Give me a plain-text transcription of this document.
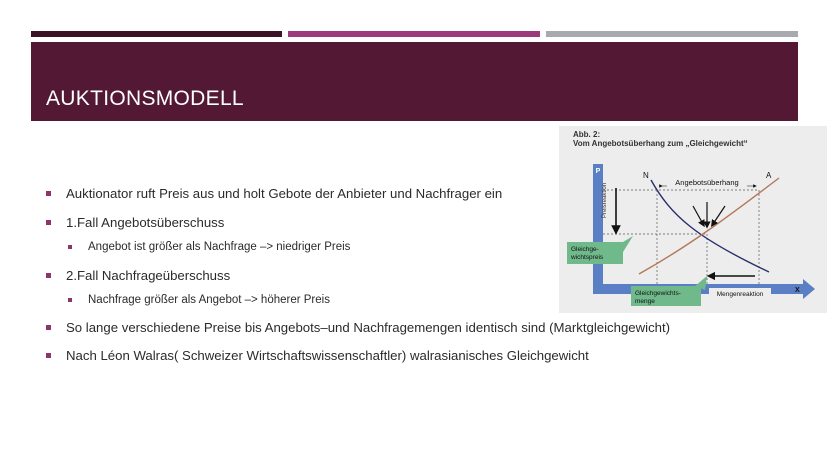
AUKTIONSMODELL
Auktionator ruft Preis aus und holt Gebote der Anbieter und Nachfrager ein
1.Fall Angebotsüberschuss
Angebot ist größer als Nachfrage –> niedriger Preis
2.Fall Nachfrageüberschuss
Nachfrage größer als Angebot –> höherer Preis
So lange verschiedene Preise bis Angebots–und Nachfragemengen identisch sind (Marktgleichgewicht)
Nach Léon Walras( Schweizer Wirtschaftswissenschaftler) walrasianisches Gleichgewicht
Abb. 2:
Vom Angebotsüberhang zum „Gleichgewicht“
P
X
N	A
Angebotsüberhang
Preisreaktion
Gleichge-
wichtspreis
Gleichgewichts-
menge
Mengenreaktion
